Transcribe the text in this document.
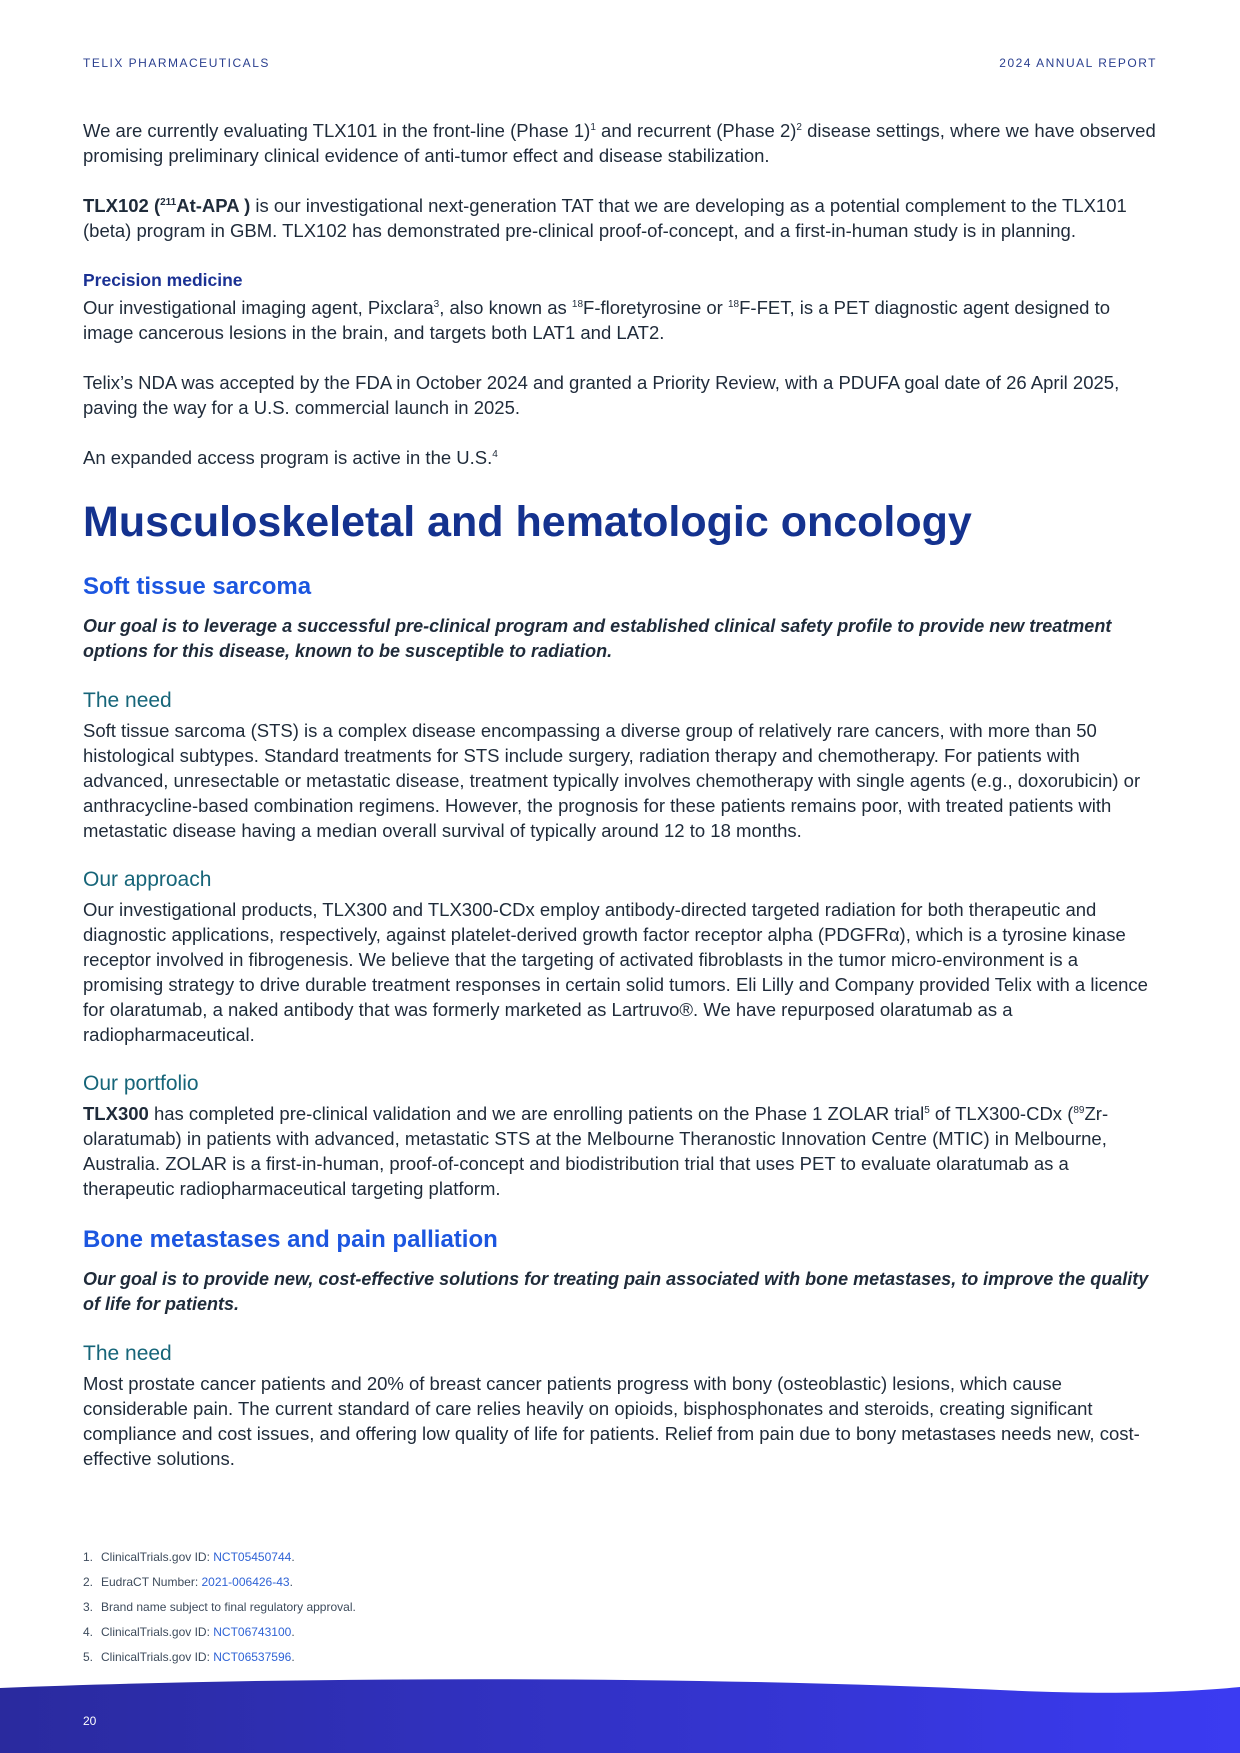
TELIX PHARMACEUTICALS	2024 ANNUAL REPORT

We are currently evaluating TLX101 in the front-line (Phase 1)$^1$ and recurrent (Phase 2)$^2$ disease settings, where we have observed promising preliminary clinical evidence of anti-tumor effect and disease stabilization.

TLX102 ($^{211}$At-APA ) is our investigational next-generation TAT that we are developing as a potential complement to the TLX101 (beta) program in GBM. TLX102 has demonstrated pre-clinical proof-of-concept, and a first-in-human study is in planning.

Precision medicine

Our investigational imaging agent, Pixclara$^3$, also known as $^{18}$F-floretyrosine or $^{18}$F-FET, is a PET diagnostic agent designed to image cancerous lesions in the brain, and targets both LAT1 and LAT2.

Telix’s NDA was accepted by the FDA in October 2024 and granted a Priority Review, with a PDUFA goal date of 26 April 2025, paving the way for a U.S. commercial launch in 2025.

An expanded access program is active in the U.S.$^4$

Musculoskeletal and hematologic oncology
Soft tissue sarcoma

Our goal is to leverage a successful pre-clinical program and established clinical safety profile to provide new treatment options for this disease, known to be susceptible to radiation.

The need

Soft tissue sarcoma (STS) is a complex disease encompassing a diverse group of relatively rare cancers, with more than 50 histological subtypes. Standard treatments for STS include surgery, radiation therapy and chemotherapy. For patients with advanced, unresectable or metastatic disease, treatment typically involves chemotherapy with single agents (e.g., doxorubicin) or anthracycline-based combination regimens. However, the prognosis for these patients remains poor, with treated patients with metastatic disease having a median overall survival of typically around 12 to 18 months.

Our approach

Our investigational products, TLX300 and TLX300-CDx employ antibody-directed targeted radiation for both therapeutic and diagnostic applications, respectively, against platelet-derived growth factor receptor alpha (PDGFRα), which is a tyrosine kinase receptor involved in fibrogenesis. We believe that the targeting of activated fibroblasts in the tumor micro-environment is a promising strategy to drive durable treatment responses in certain solid tumors. Eli Lilly and Company provided Telix with a licence for olaratumab, a naked antibody that was formerly marketed as Lartruvo®. We have repurposed olaratumab as a radiopharmaceutical.

Our portfolio

TLX300 has completed pre-clinical validation and we are enrolling patients on the Phase 1 ZOLAR trial$^5$ of TLX300-CDx ($^{89}$Zr-olaratumab) in patients with advanced, metastatic STS at the Melbourne Theranostic Innovation Centre (MTIC) in Melbourne, Australia. ZOLAR is a first-in-human, proof-of-concept and biodistribution trial that uses PET to evaluate olaratumab as a therapeutic radiopharmaceutical targeting platform.

Bone metastases and pain palliation

Our goal is to provide new, cost-effective solutions for treating pain associated with bone metastases, to improve the quality of life for patients.

The need

Most prostate cancer patients and 20% of breast cancer patients progress with bony (osteoblastic) lesions, which cause considerable pain. The current standard of care relies heavily on opioids, bisphosphonates and steroids, creating significant compliance and cost issues, and offering low quality of life for patients. Relief from pain due to bony metastases needs new, cost-effective solutions.

1. ClinicalTrials.gov ID: NCT05450744.
2. EudraCT Number: 2021-006426-43.
3. Brand name subject to final regulatory approval.
4. ClinicalTrials.gov ID: NCT06743100.
5. ClinicalTrials.gov ID: NCT06537596.
20
